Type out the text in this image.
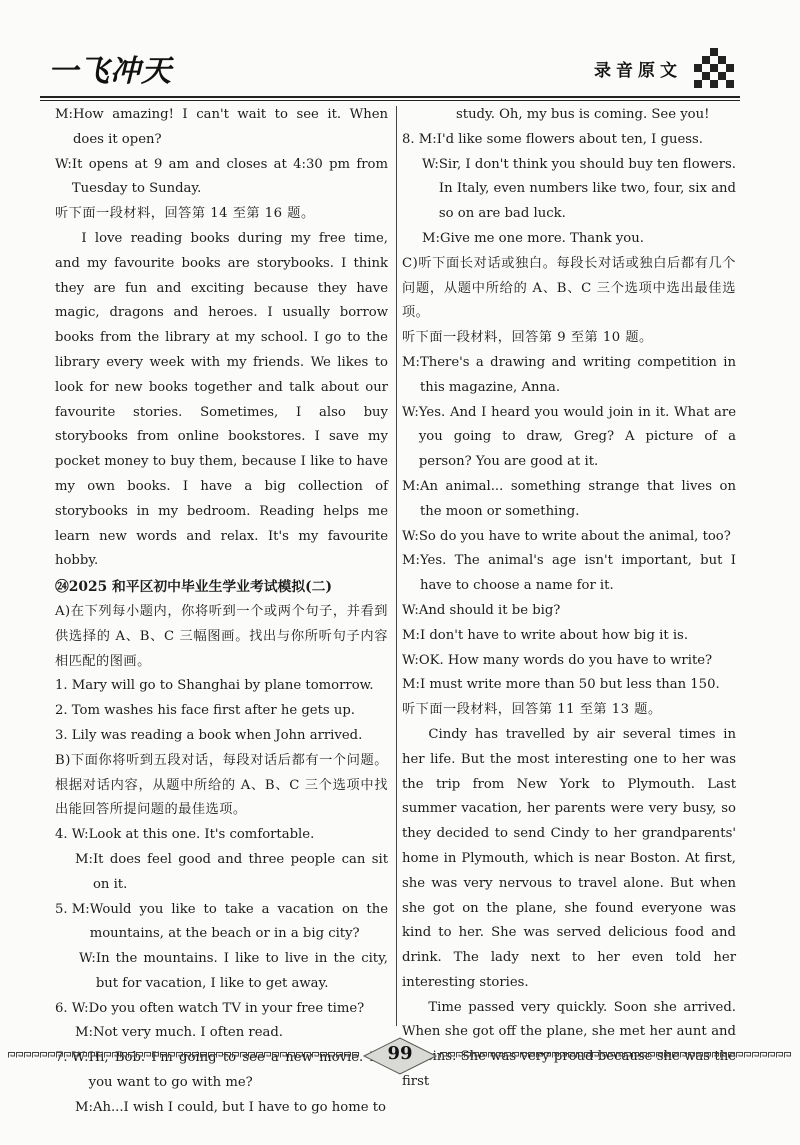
一飞冲天	录音原文
M: How amazing! I can't wait to see it. When does it open?
W: It opens at 9 am and closes at 4:30 pm from Tuesday to Sunday.

听下面一段材料，回答第 14 至第 16 题。

I love reading books during my free time, and my favourite books are storybooks. I think they are fun and exciting because they have magic, dragons and heroes. I usually borrow books from the library at my school. I go to the library every week with my friends. We likes to look for new books together and talk about our favourite stories. Sometimes, I also buy storybooks from online bookstores. I save my pocket money to buy them, because I like to have my own books. I have a big collection of storybooks in my bedroom. Reading helps me learn new words and relax. It's my favourite hobby.

㉔2025 和平区初中毕业生学业考试模拟(二)

A)在下列每小题内，你将听到一个或两个句子，并看到供选择的 A、B、C 三幅图画。找出与你所听句子内容相匹配的图画。

1. Mary will go to Shanghai by plane tomorrow.

2. Tom washes his face first after he gets up.

3. Lily was reading a book when John arrived.

B)下面你将听到五段对话，每段对话后都有一个问题。根据对话内容，从题中所给的 A、B、C 三个选项中找出能回答所提问题的最佳选项。

4. W: Look at this one. It's comfortable.
M: It does feel good and three people can sit on it.
5. M: Would you like to take a vacation on the mountains, at the beach or in a big city?
W: In the mountains. I like to live in the city, but for vacation, I like to get away.
6. W: Do you often watch TV in your free time?
M: Not very much. I often read.
you want to go with me?
M: Ah...I wish I could, but I have to go home to

study. Oh, my bus is coming. See you!

8. M: I'd like some flowers about ten, I guess.
W: Sir, I don't think you should buy ten flowers. In Italy, even numbers like two, four, six and so on are bad luck.
M: Give me one more. Thank you.

C)听下面长对话或独白。每段长对话或独白后都有几个问题，从题中所给的 A、B、C 三个选项中选出最佳选项。

听下面一段材料，回答第 9 至第 10 题。

M: There's a drawing and writing competition in this magazine, Anna.
W: Yes. And I heard you would join in it. What are you going to draw, Greg? A picture of a person? You are good at it.
M: An animal... something strange that lives on the moon or something.
W: So do you have to write about the animal, too?
M: Yes. The animal's age isn't important, but I have to choose a name for it.
W: And should it be big?
M: I don't have to write about how big it is.
W: OK. How many words do you have to write?
M: I must write more than 50 but less than 150.

听下面一段材料，回答第 11 至第 13 题。

Cindy has travelled by air several times in her life. But the most interesting one to her was the trip from New York to Plymouth. Last summer vacation, her parents were very busy, so they decided to send Cindy to her grandparents' home in Plymouth, which is near Boston. At first, she was very nervous to travel alone. But when she got on the plane, she found everyone was kind to her. She was served delicious food and drink. The lady next to her even told her interesting stories.

Time passed very quickly. Soon she arrived. When she got off the plane, she met her aunt and first

99
